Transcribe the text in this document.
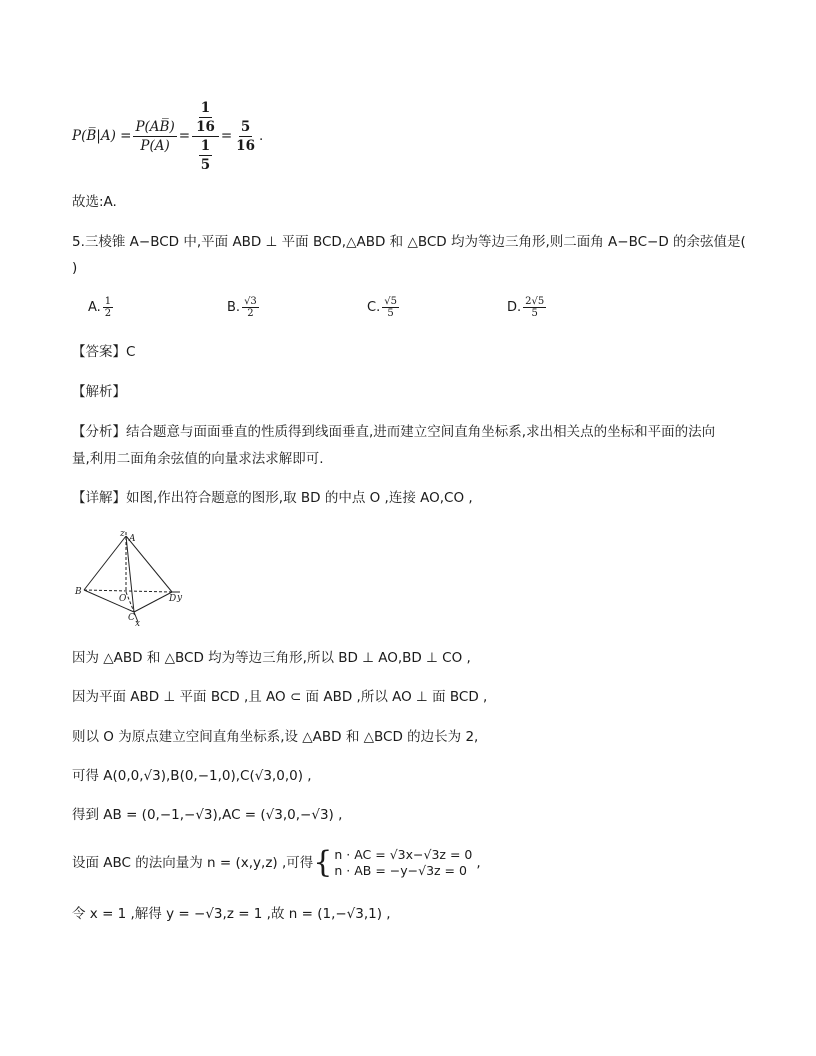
P(B̅|A) = $\frac{P(AB̅)}{P(A)} = \frac{\frac{1}{16}}{\frac{1}{5}} = \frac{5}{16}$ .
故选:A.
5.三棱锥 A−BCD 中,平面 ABD ⊥ 平面 BCD,△ABD 和 △BCD 均为等边三角形,则二面角 A−BC−D 的余弦值是(
)
A. $\frac{1}{2}$	B. $\frac{√3}{2}$	C. $\frac{√5}{5}$	D. $\frac{2√5}{5}$
【答案】C
【解析】
【分析】结合题意与面面垂直的性质得到线面垂直,进而建立空间直角坐标系,求出相关点的坐标和平面的法向
量,利用二面角余弦值的向量求法求解即可.
【详解】如图,作出符合题意的图形,取 BD 的中点 O ,连接 AO,CO ,
z A
B
O	D y
C
x
因为 △ABD 和 △BCD 均为等边三角形,所以 BD ⊥ AO,BD ⊥ CO ,
因为平面 ABD ⊥ 平面 BCD ,且 AO ⊂ 面 ABD ,所以 AO ⊥ 面 BCD ,
则以 O 为原点建立空间直角坐标系,设 △ABD 和 △BCD 的边长为 2,
可得 A(0,0,√3),B(0,−1,0),C(√3,0,0) ,
得到 AB = (0,−1,−√3),AC = (√3,0,−√3) ,
设面 ABC 的法向量为 n = (x,y,z) ,可得 { n · AC = √3x−√3z = 0
n · AB = −y−√3z = 0 ,
令 x = 1 ,解得 y = −√3,z = 1 ,故 n = (1,−√3,1) ,
